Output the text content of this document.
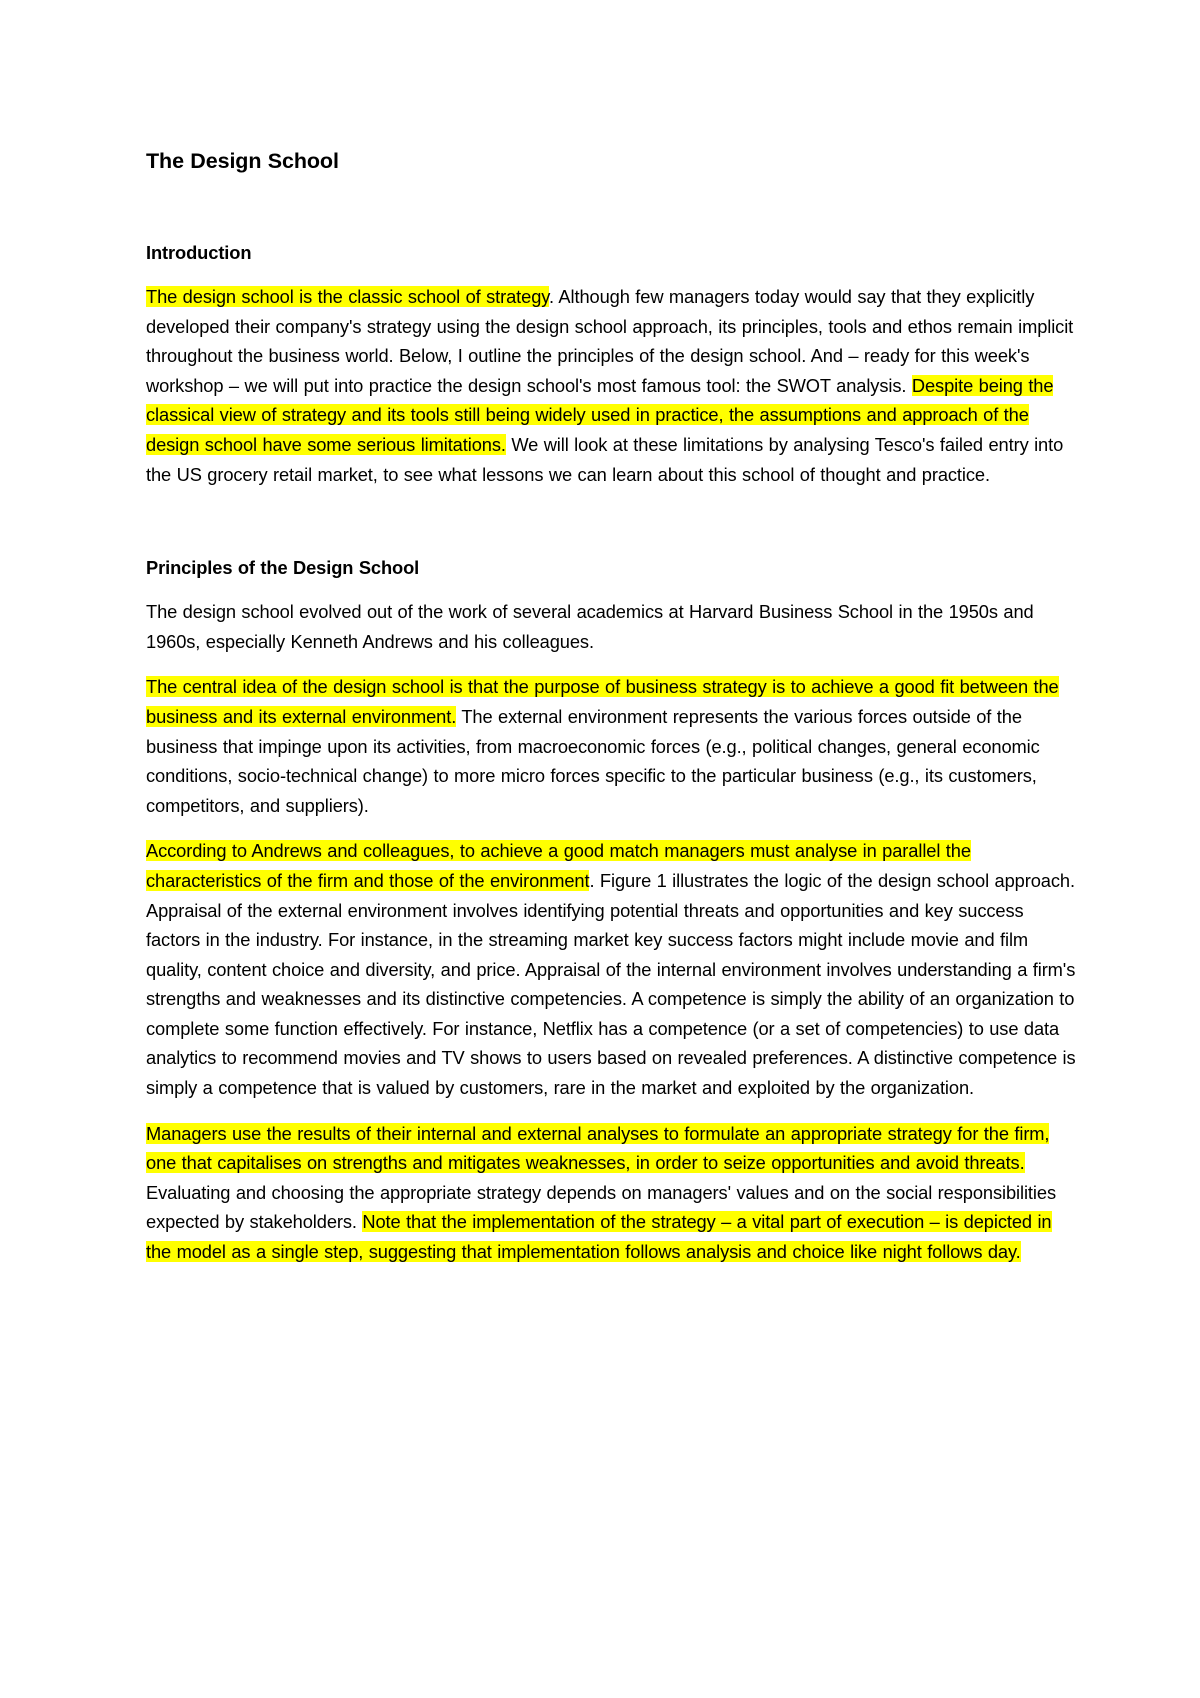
The Design School
Introduction

The design school is the classic school of strategy. Although few managers today would say that they explicitly developed their company's strategy using the design school approach, its principles, tools and ethos remain implicit throughout the business world. Below, I outline the principles of the design school. And – ready for this week's workshop – we will put into practice the design school's most famous tool: the SWOT analysis. Despite being the classical view of strategy and its tools still being widely used in practice, the assumptions and approach of the design school have some serious limitations. We will look at these limitations by analysing Tesco's failed entry into the US grocery retail market, to see what lessons we can learn about this school of thought and practice.

Principles of the Design School

The design school evolved out of the work of several academics at Harvard Business School in the 1950s and 1960s, especially Kenneth Andrews and his colleagues.

The central idea of the design school is that the purpose of business strategy is to achieve a good fit between the business and its external environment. The external environment represents the various forces outside of the business that impinge upon its activities, from macroeconomic forces (e.g., political changes, general economic conditions, socio-technical change) to more micro forces specific to the particular business (e.g., its customers, competitors, and suppliers).

According to Andrews and colleagues, to achieve a good match managers must analyse in parallel the characteristics of the firm and those of the environment. Figure 1 illustrates the logic of the design school approach. Appraisal of the external environment involves identifying potential threats and opportunities and key success factors in the industry. For instance, in the streaming market key success factors might include movie and film quality, content choice and diversity, and price. Appraisal of the internal environment involves understanding a firm's strengths and weaknesses and its distinctive competencies. A competence is simply the ability of an organization to complete some function effectively. For instance, Netflix has a competence (or a set of competencies) to use data analytics to recommend movies and TV shows to users based on revealed preferences. A distinctive competence is simply a competence that is valued by customers, rare in the market and exploited by the organization.

Managers use the results of their internal and external analyses to formulate an appropriate strategy for the firm, one that capitalises on strengths and mitigates weaknesses, in order to seize opportunities and avoid threats. Evaluating and choosing the appropriate strategy depends on managers' values and on the social responsibilities expected by stakeholders. Note that the implementation of the strategy – a vital part of execution – is depicted in the model as a single step, suggesting that implementation follows analysis and choice like night follows day.
